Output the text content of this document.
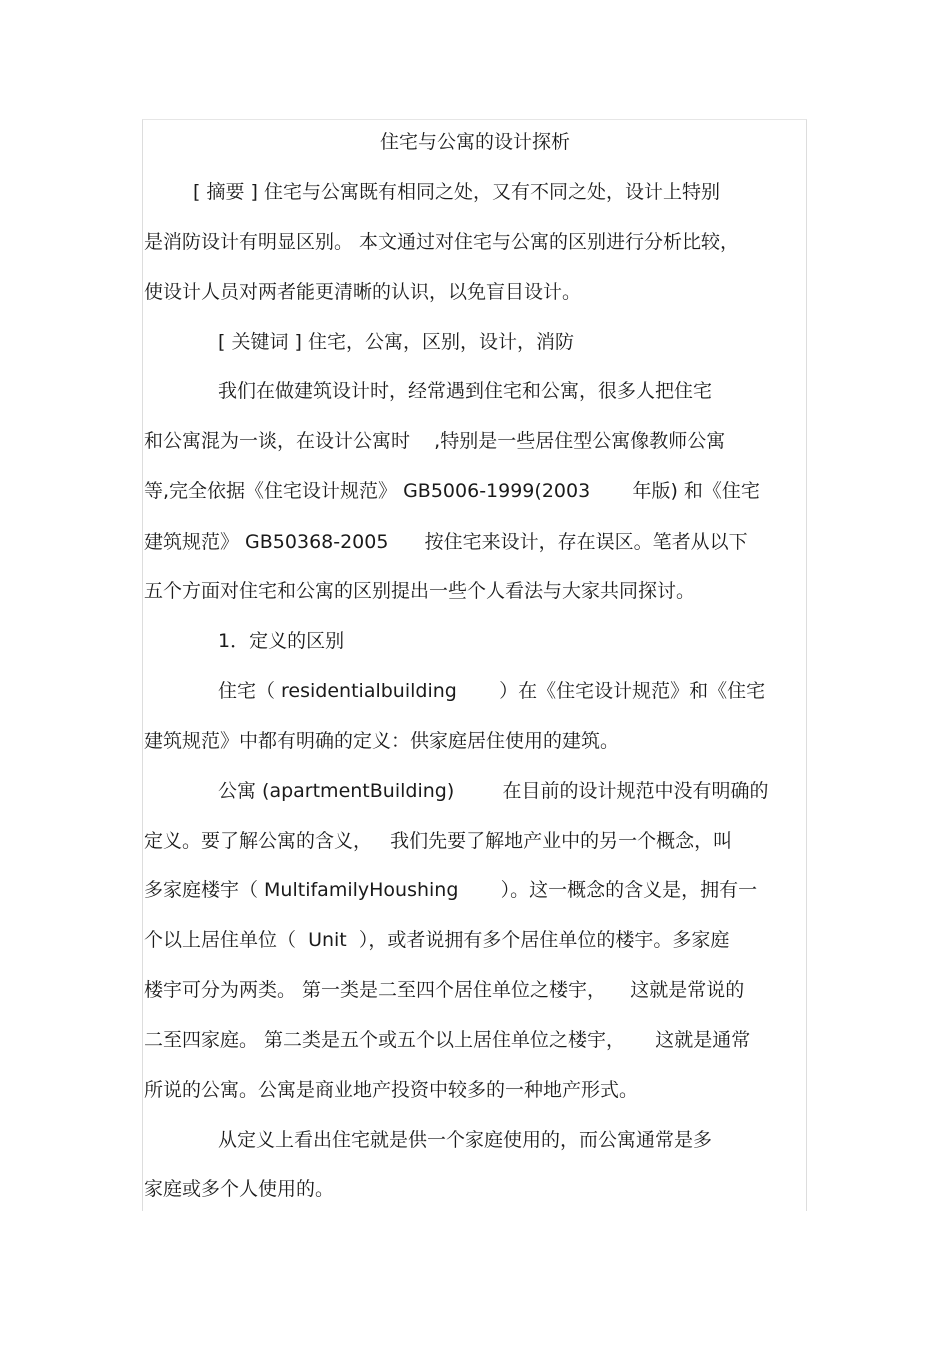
住宅与公寓的设计探析
[ 摘要 ] 住宅与公寓既有相同之处，又有不同之处，设计上特别
是消防设计有明显区别。 本文通过对住宅与公寓的区别进行分析比较，
使设计人员对两者能更清晰的认识，以免盲目设计。
[ 关键词 ] 住宅，公寓，区别，设计，消防
我们在做建筑设计时，经常遇到住宅和公寓，很多人把住宅
和公寓混为一谈，在设计公寓时    ,特别是一些居住型公寓像教师公寓
等,完全依据《住宅设计规范》 GB5006-1999(2003       年版) 和《住宅
建筑规范》 GB50368-2005      按住宅来设计，存在误区。笔者从以下
五个方面对住宅和公寓的区别提出一些个人看法与大家共同探讨。
1．定义的区别
住宅（ residentialbuilding       ）在《住宅设计规范》和《住宅
建筑规范》中都有明确的定义：供家庭居住使用的建筑。
公寓 (apartmentBuilding)        在目前的设计规范中没有明确的
定义。要了解公寓的含义，   我们先要了解地产业中的另一个概念，叫
多家庭楼宇（ MultifamilyHoushing       ）。这一概念的含义是，拥有一
个以上居住单位（  Unit  ），或者说拥有多个居住单位的楼宇。多家庭
楼宇可分为两类。 第一类是二至四个居住单位之楼宇，    这就是常说的
二至四家庭。 第二类是五个或五个以上居住单位之楼宇，     这就是通常
所说的公寓。公寓是商业地产投资中较多的一种地产形式。
从定义上看出住宅就是供一个家庭使用的，而公寓通常是多
家庭或多个人使用的。
